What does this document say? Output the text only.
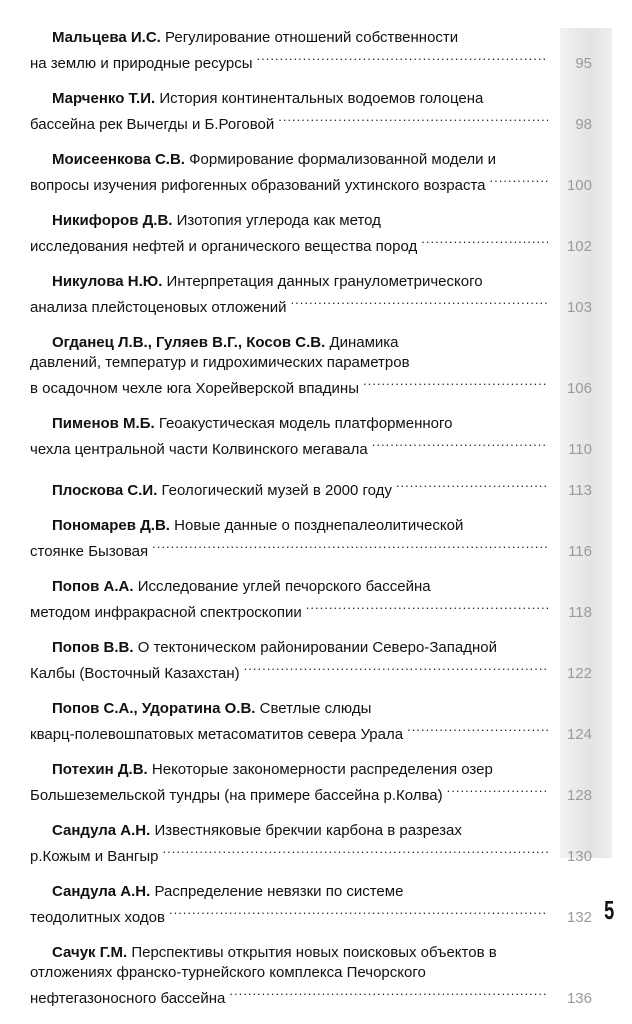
Мальцева И.С. Регулирование отношений собственности
на землю и природные ресурсы .....	95
Марченко Т.И. История континентальных водоемов голоцена
бассейна рек Вычегды и Б.Роговой .....	98
Моисеенкова С.В. Формирование формализованной модели и
вопросы изучения рифогенных образований ухтинского возраста .....	100
Никифоров Д.В. Изотопия углерода как метод
исследования нефтей и органического вещества пород .....	102
Никулова Н.Ю. Интерпретация данных гранулометрического
анализа плейстоценовых отложений .....	103
Огданец Л.В., Гуляев В.Г., Косов С.В. Динамика
давлений, температур и гидрохимических параметров
в осадочном чехле юга Хорейверской впадины .....	106
Пименов М.Б. Геоакустическая модель платформенного
чехла центральной части Колвинского мегавала .....	110
Плоскова С.И. Геологический музей в 2000 году .....	113
Пономарев Д.В. Новые данные о позднепалеолитической
стоянке Бызовая .....	116
Попов А.А. Исследование углей печорского бассейна
методом инфракрасной спектроскопии .....	118
Попов В.В. О тектоническом районировании Северо-Западной
Калбы (Восточный Казахстан) .....	122
Попов С.А., Удоратина О.В. Светлые слюды
кварц-полевошпатовых метасоматитов севера Урала .....	124
Потехин Д.В. Некоторые закономерности распределения озер
Большеземельской тундры (на примере бассейна р.Колва) .....	128
Сандула А.Н. Известняковые брекчии карбона в разрезах
р.Кожым и Вангыр .....	130
Сандула А.Н. Распределение невязки по системе
теодолитных ходов .....	132
Сачук Г.М. Перспективы открытия новых поисковых объектов в
отложениях франско-турнейского комплекса Печорского
нефтегазоносного бассейна .....	136
5
